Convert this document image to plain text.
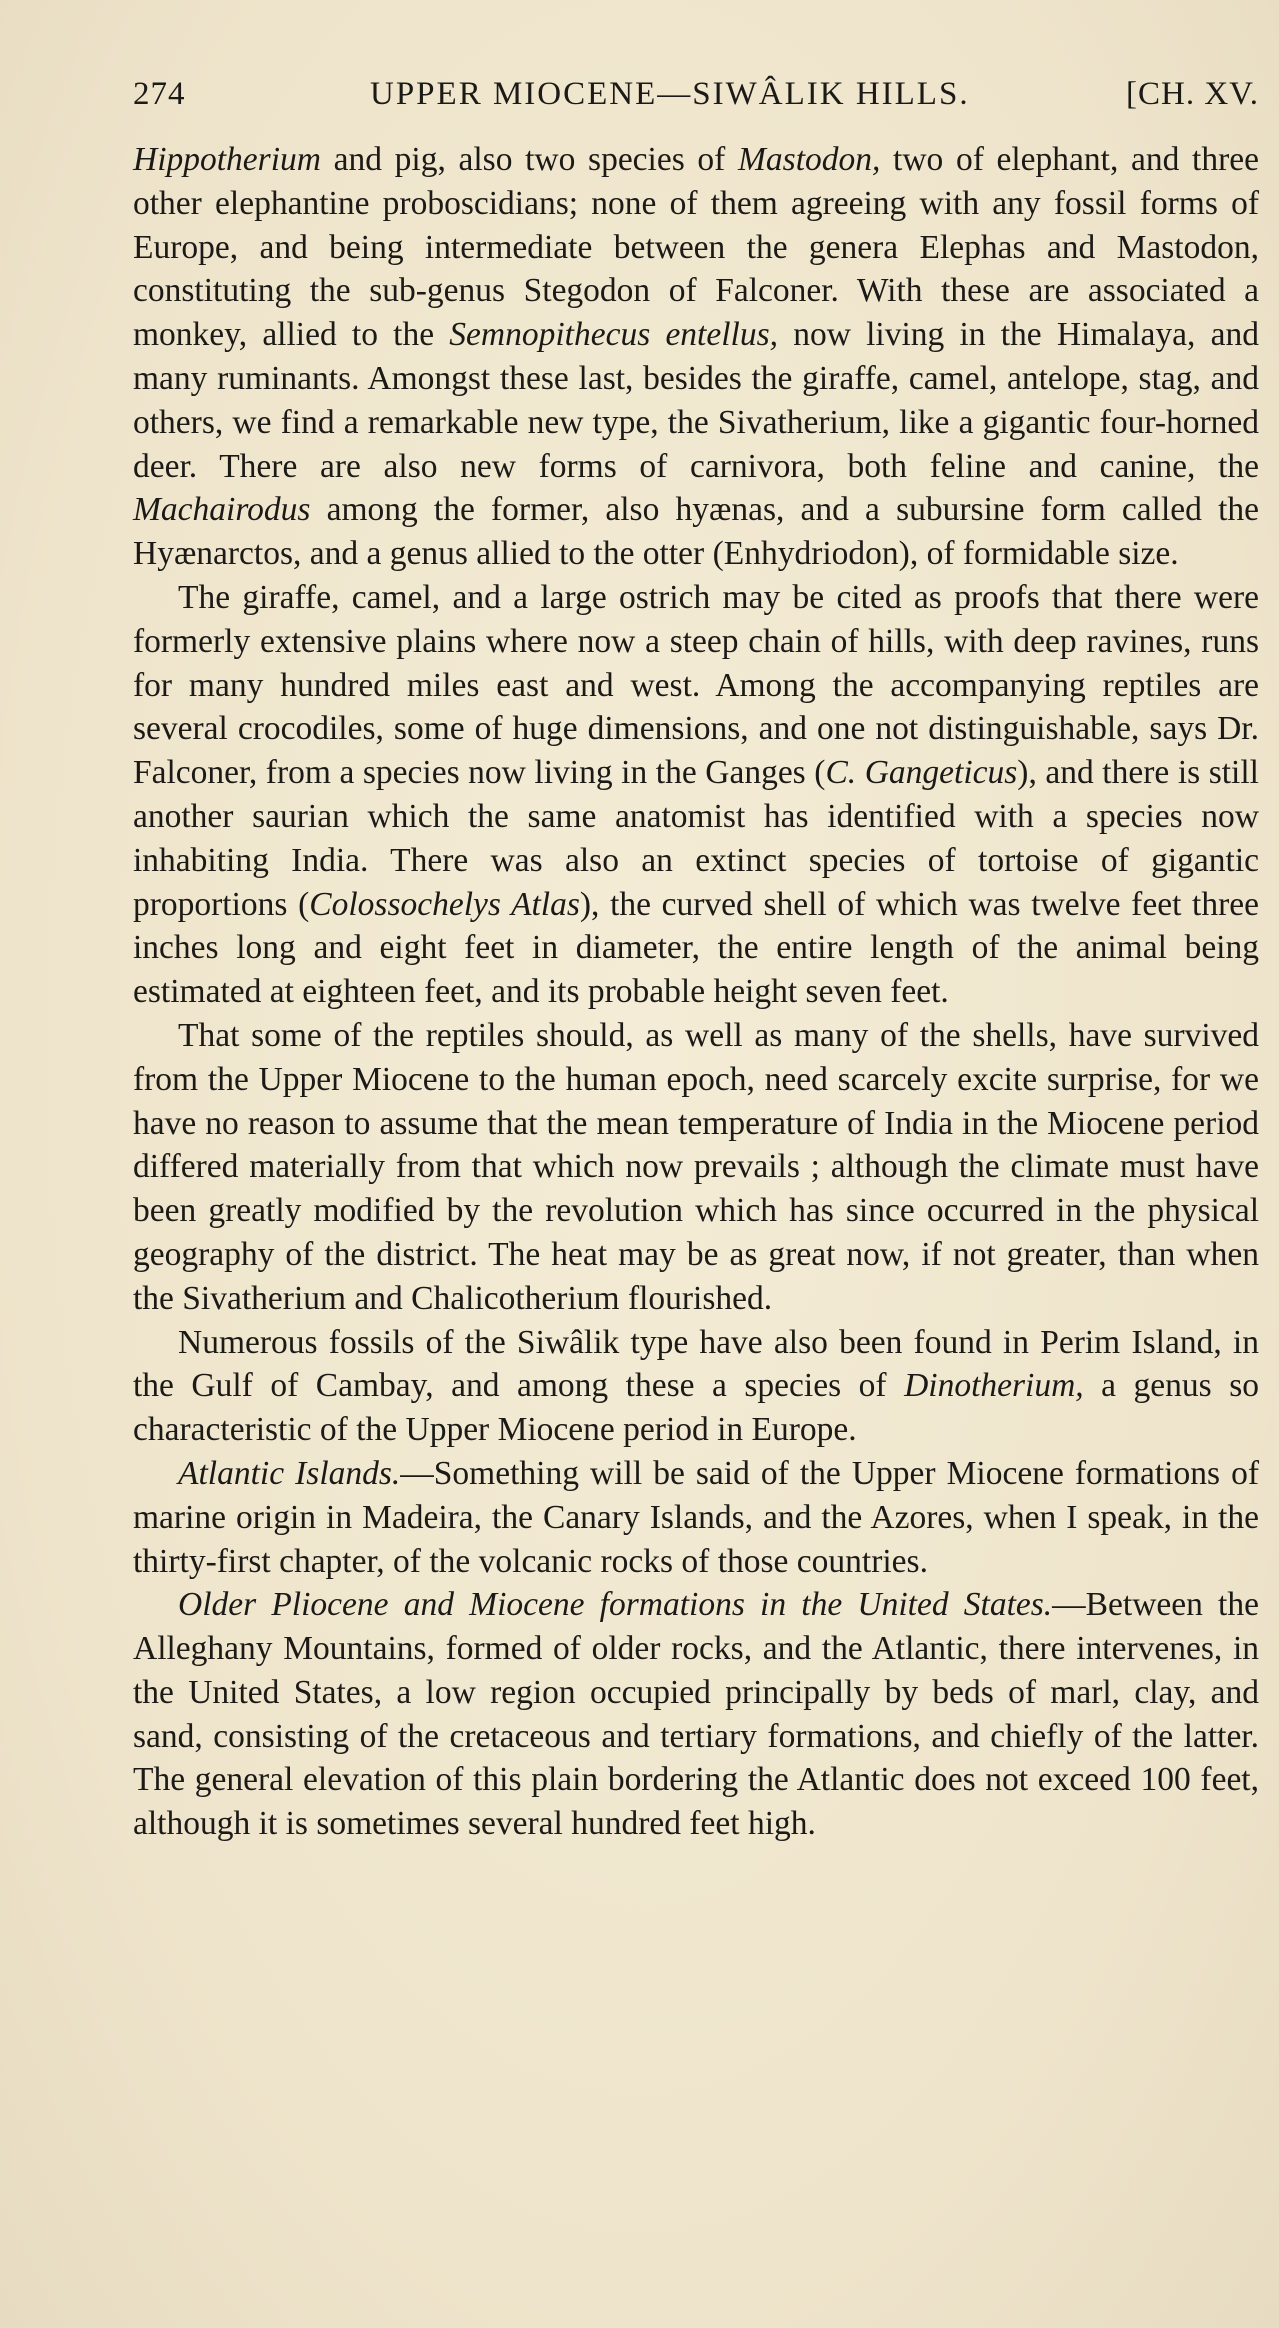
274	UPPER MIOCENE—SIWÂLIK HILLS.	[CH. XV.

Hippotherium and pig, also two species of Mastodon, two of elephant, and three other elephantine proboscidians; none of them agreeing with any fossil forms of Europe, and being intermediate between the genera Elephas and Mastodon, constituting the sub-genus Stegodon of Falconer. With these are associated a monkey, allied to the Semnopithecus entellus, now living in the Himalaya, and many ruminants. Amongst these last, besides the giraffe, camel, antelope, stag, and others, we find a remarkable new type, the Sivatherium, like a gigantic four-horned deer. There are also new forms of carnivora, both feline and canine, the Machairodus among the former, also hyænas, and a subursine form called the Hyænarctos, and a genus allied to the otter (Enhydriodon), of formidable size.

The giraffe, camel, and a large ostrich may be cited as proofs that there were formerly extensive plains where now a steep chain of hills, with deep ravines, runs for many hundred miles east and west. Among the accompanying reptiles are several crocodiles, some of huge dimensions, and one not distinguishable, says Dr. Falconer, from a species now living in the Ganges (C. Gangeticus), and there is still another saurian which the same anatomist has identified with a species now inhabiting India. There was also an extinct species of tortoise of gigantic proportions (Colossochelys Atlas), the curved shell of which was twelve feet three inches long and eight feet in diameter, the entire length of the animal being estimated at eighteen feet, and its probable height seven feet.

That some of the reptiles should, as well as many of the shells, have survived from the Upper Miocene to the human epoch, need scarcely excite surprise, for we have no reason to assume that the mean temperature of India in the Miocene period differed materially from that which now prevails ; although the climate must have been greatly modified by the revolution which has since occurred in the physical geography of the district. The heat may be as great now, if not greater, than when the Sivatherium and Chalicotherium flourished.

Numerous fossils of the Siwâlik type have also been found in Perim Island, in the Gulf of Cambay, and among these a species of Dinotherium, a genus so characteristic of the Upper Miocene period in Europe.

Atlantic Islands.—Something will be said of the Upper Miocene formations of marine origin in Madeira, the Canary Islands, and the Azores, when I speak, in the thirty-first chapter, of the volcanic rocks of those countries.

Older Pliocene and Miocene formations in the United States.—Between the Alleghany Mountains, formed of older rocks, and the Atlantic, there intervenes, in the United States, a low region occupied principally by beds of marl, clay, and sand, consisting of the cretaceous and tertiary formations, and chiefly of the latter. The general elevation of this plain bordering the Atlantic does not exceed 100 feet, although it is sometimes several hundred feet high.
